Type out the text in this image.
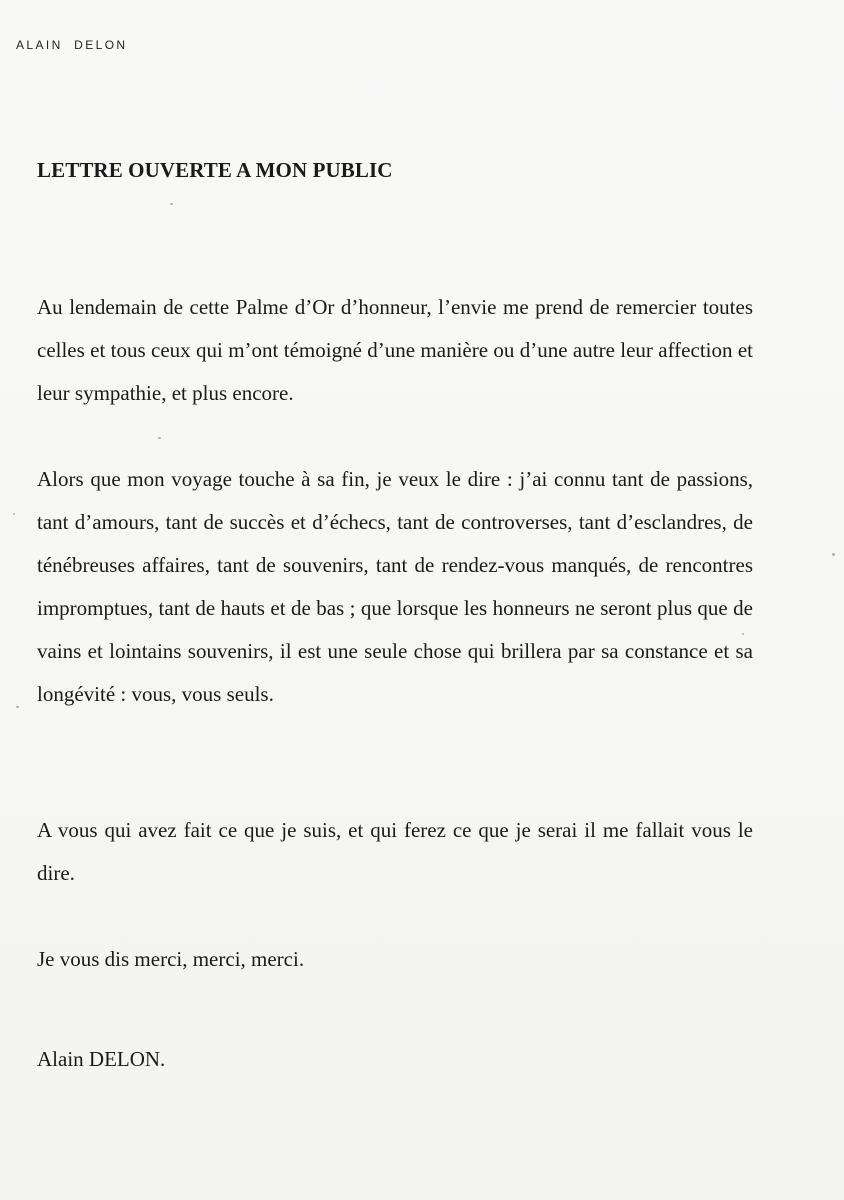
ALAIN  DELON
LETTRE OUVERTE A MON PUBLIC

Au lendemain de cette Palme d’Or d’honneur, l’envie me prend de remercier toutes celles et tous ceux qui m’ont témoigné d’une manière ou d’une autre leur affection et leur sympathie, et plus encore.

Alors que mon voyage touche à sa fin, je veux le dire : j’ai connu tant de passions, tant d’amours, tant de succès et d’échecs, tant de controverses, tant d’esclandres, de ténébreuses affaires, tant de souvenirs, tant de rendez-vous manqués, de rencontres impromptues, tant de hauts et de bas ; que lorsque les honneurs ne seront plus que de vains et lointains souvenirs, il est une seule chose qui brillera par sa constance et sa longévité : vous, vous seuls.

A vous qui avez fait ce que je suis, et qui ferez ce que je serai il me fallait vous le dire.

Je vous dis merci, merci, merci.

Alain DELON.
